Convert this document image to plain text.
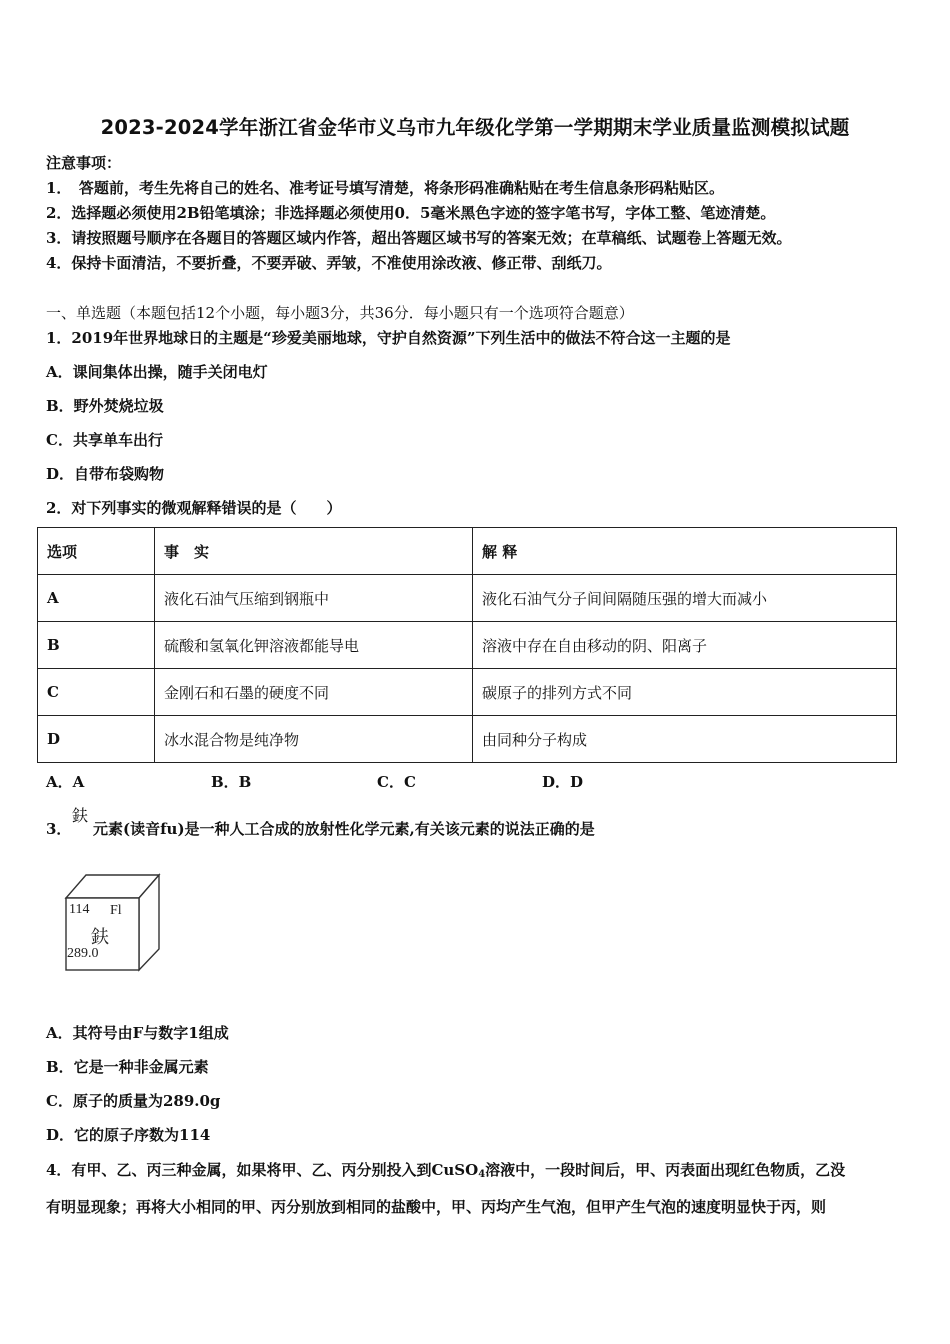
2023-2024学年浙江省金华市义乌市九年级化学第一学期期末学业质量监测模拟试题
注意事项：
1．　答题前，考生先将自己的姓名、准考证号填写清楚，将条形码准确粘贴在考生信息条形码粘贴区。
2．选择题必须使用2B铅笔填涂；非选择题必须使用0．5毫米黑色字迹的签字笔书写，字体工整、笔迹清楚。
3．请按照题号顺序在各题目的答题区域内作答，超出答题区域书写的答案无效；在草稿纸、试题卷上答题无效。
4．保持卡面清洁，不要折叠，不要弄破、弄皱，不准使用涂改液、修正带、刮纸刀。
一、单选题（本题包括12个小题，每小题3分，共36分．每小题只有一个选项符合题意）
1．2019年世界地球日的主题是“珍爱美丽地球，守护自然资源”下列生活中的做法不符合这一主题的是
A．课间集体出操，随手关闭电灯
B．野外焚烧垃圾
C．共享单车出行
D．自带布袋购物
2．对下列事实的微观解释错误的是（　　）
选项	事　实	解 释
A	液化石油气压缩到钢瓶中	液化石油气分子间间隔随压强的增大而减小
B	硫酸和氢氧化钾溶液都能导电	溶液中存在自由移动的阴、阳离子
C	金刚石和石墨的硬度不同	碳原子的排列方式不同
D	冰水混合物是纯净物	由同种分子构成
A．A	B．B	C．C	D．D
3．
鈇
元素(读音fu)是一种人工合成的放射性化学元素,有关该元素的说法正确的是
114 Fl
鈇
289.0
A．其符号由F与数字1组成
B．它是一种非金属元素
C．原子的质量为289.0g
D．它的原子序数为114
4．有甲、乙、丙三种金属，如果将甲、乙、丙分别投入到CuSO$_4$溶液中，一段时间后，甲、丙表面出现红色物质，乙没
有明显现象；再将大小相同的甲、丙分别放到相同的盐酸中，甲、丙均产生气泡，但甲产生气泡的速度明显快于丙，则
